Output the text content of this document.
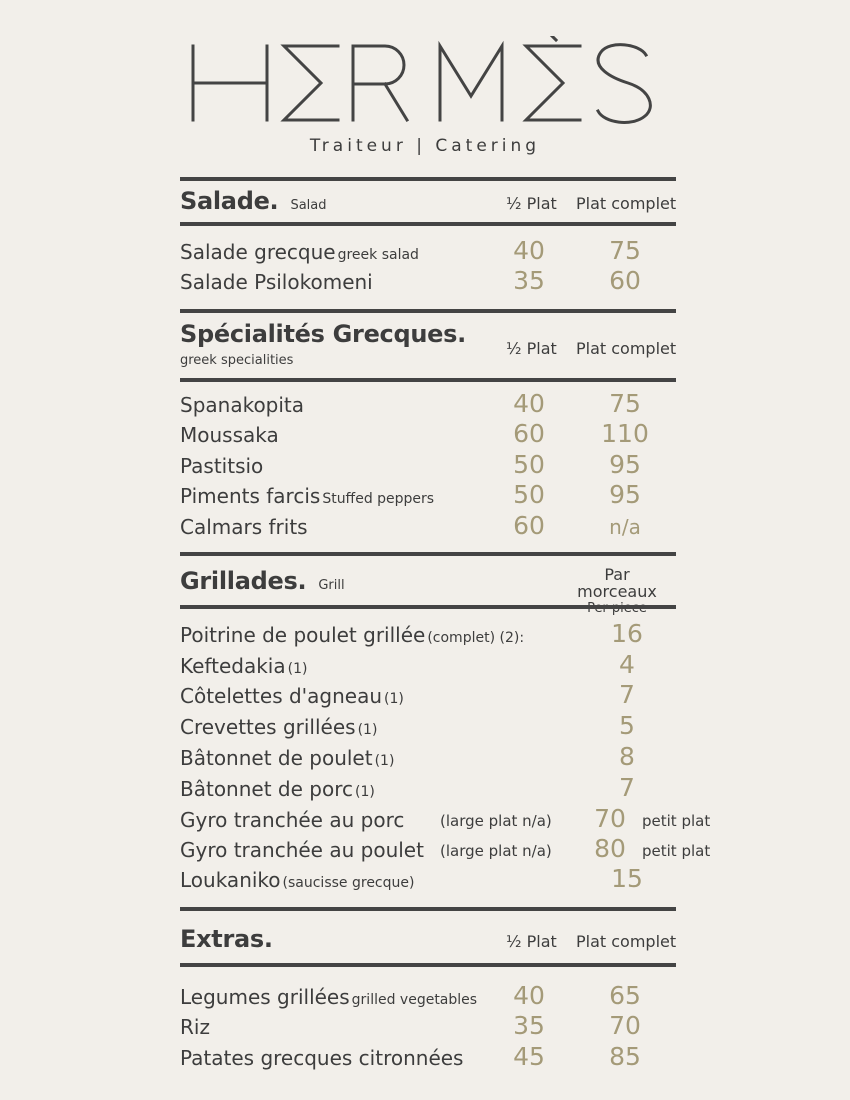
Traiteur | Catering
Salade. Salad	½ Plat Plat complet
Salade grecque greek salad	40	75
Salade Psilokomeni	35	60
Spécialités Grecques.
greek specialities
½ Plat Plat complet
Spanakopita	40	75
Moussaka	60	110
Pastitsio	50	95
Piments farcis Stuffed peppers	50	95
Calmars frits	60	n/a
Grillades. Grill
Par morceaux
Poitrine de poulet grillée (complet) (2):	16
Keftedakia (1)	4
Côtelettes d'agneau (1)	7
Crevettes grillées (1)	5
Bâtonnet de poulet (1)	8
Bâtonnet de porc (1)	7
Gyro tranchée au porc (large plat n/a)	70	petit plat
Gyro tranchée au poulet (large plat n/a)	80	petit plat
Loukaniko (saucisse grecque)	15
Extras.	½ Plat Plat complet
Legumes grillées grilled vegetables	40	65
Riz	35	70
Patates grecques citronnées	45	85
